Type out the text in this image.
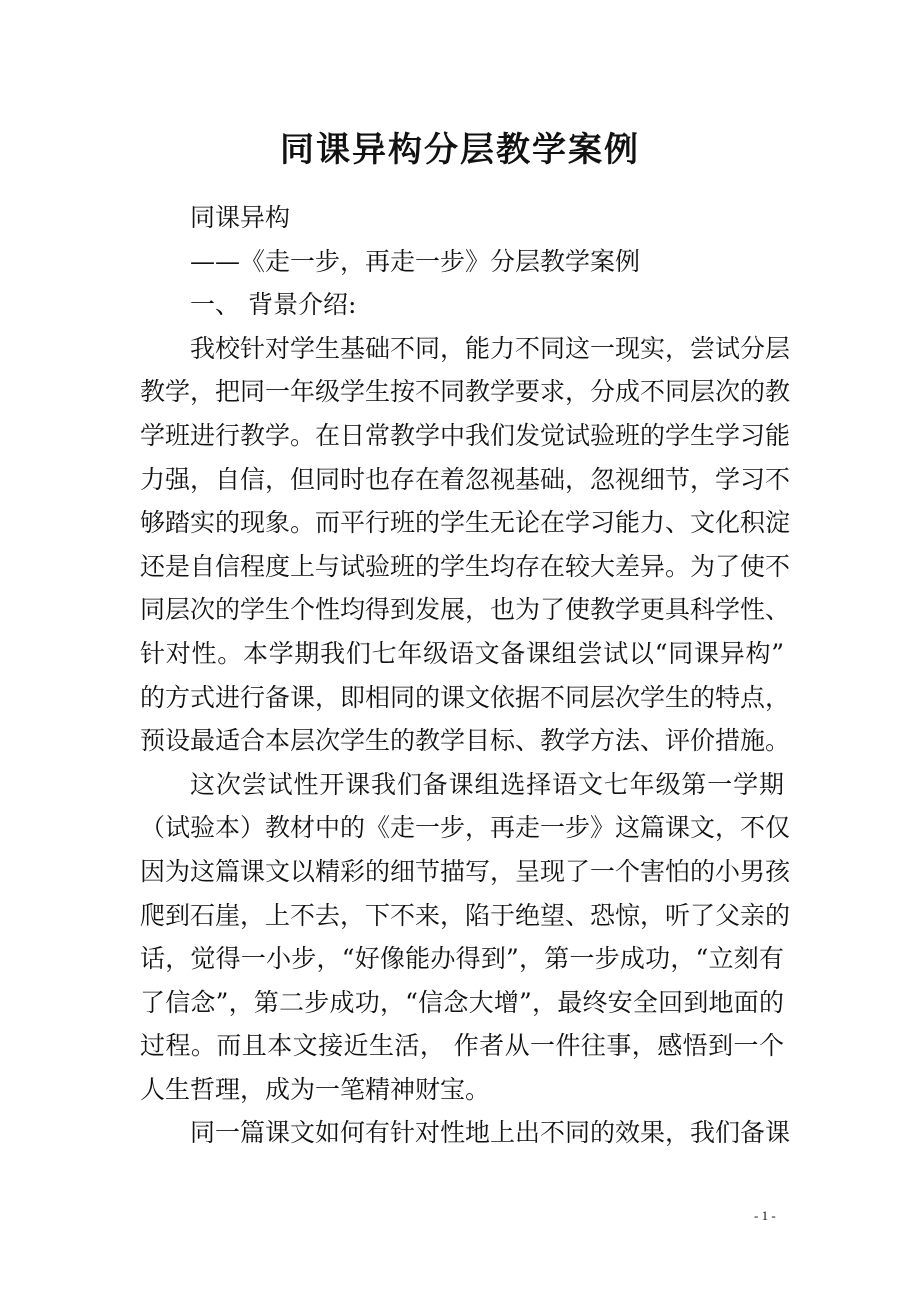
同课异构分层教学案例
同课异构
——《走一步，再走一步》分层教学案例
一、 背景介绍:
我校针对学生基础不同，能力不同这一现实，尝试分层
教学，把同一年级学生按不同教学要求，分成不同层次的教
学班进行教学。在日常教学中我们发觉试验班的学生学习能
力强，自信，但同时也存在着忽视基础，忽视细节，学习不
够踏实的现象。而平行班的学生无论在学习能力、文化积淀
还是自信程度上与试验班的学生均存在较大差异。为了使不
同层次的学生个性均得到发展，也为了使教学更具科学性、
针对性。本学期我们七年级语文备课组尝试以“同课异构”
的方式进行备课，即相同的课文依据不同层次学生的特点，
预设最适合本层次学生的教学目标、教学方法、评价措施。
这次尝试性开课我们备课组选择语文七年级第一学期
（试验本）教材中的《走一步，再走一步》这篇课文，不仅
因为这篇课文以精彩的细节描写，呈现了一个害怕的小男孩
爬到石崖，上不去，下不来，陷于绝望、恐惊，听了父亲的
话，觉得一小步，“好像能办得到”，第一步成功，“立刻有
了信念”，第二步成功，“信念大增”，最终安全回到地面的
过程。而且本文接近生活， 作者从一件往事，感悟到一个
人生哲理，成为一笔精神财宝。
同一篇课文如何有针对性地上出不同的效果，我们备课
- 1 -
